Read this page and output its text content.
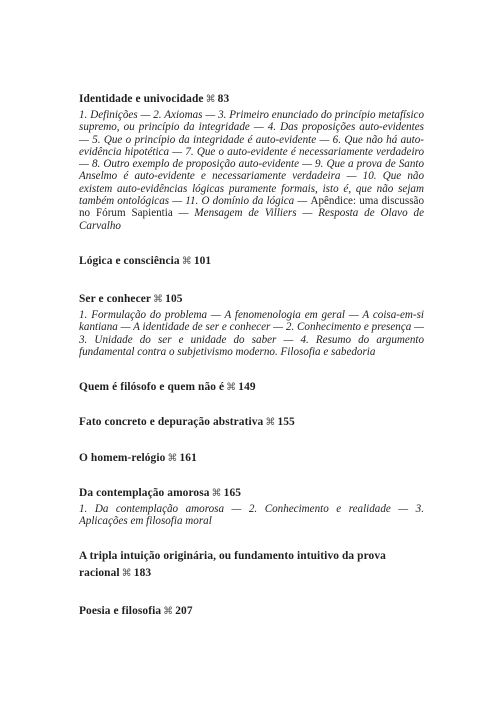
Identidade e univocidade ⌘ 83
1. Definições — 2. Axiomas — 3. Primeiro enunciado do princípio metafísico supremo, ou princípio da integridade — 4. Das proposições auto-evidentes — 5. Que o princípio da integridade é auto-evidente — 6. Que não há auto-evidência hipotética — 7. Que o auto-evidente é necessariamente verdadeiro — 8. Outro exemplo de proposição auto-evidente — 9. Que a prova de Santo Anselmo é auto-evidente e necessariamente verdadeira — 10. Que não existem auto-evidências lógicas puramente formais, isto é, que não sejam também ontológicas — 11. O domínio da lógica — Apêndice: uma discussão no Fórum Sapientia — Mensagem de Villiers — Resposta de Olavo de Carvalho
Lógica e consciência ⌘ 101
Ser e conhecer ⌘ 105
1. Formulação do problema — A fenomenologia em geral — A coisa-em-si kantiana — A identidade de ser e conhecer — 2. Conhecimento e presença — 3. Unidade do ser e unidade do saber — 4. Resumo do argumento fundamental contra o subjetivismo moderno. Filosofia e sabedoria
Quem é filósofo e quem não é ⌘ 149
Fato concreto e depuração abstrativa ⌘ 155
O homem-relógio ⌘ 161
Da contemplação amorosa ⌘ 165
1. Da contemplação amorosa — 2. Conhecimento e realidade — 3. Aplicações em filosofia moral
A tripla intuição originária, ou fundamento intuitivo da prova racional ⌘ 183
Poesia e filosofia ⌘ 207
